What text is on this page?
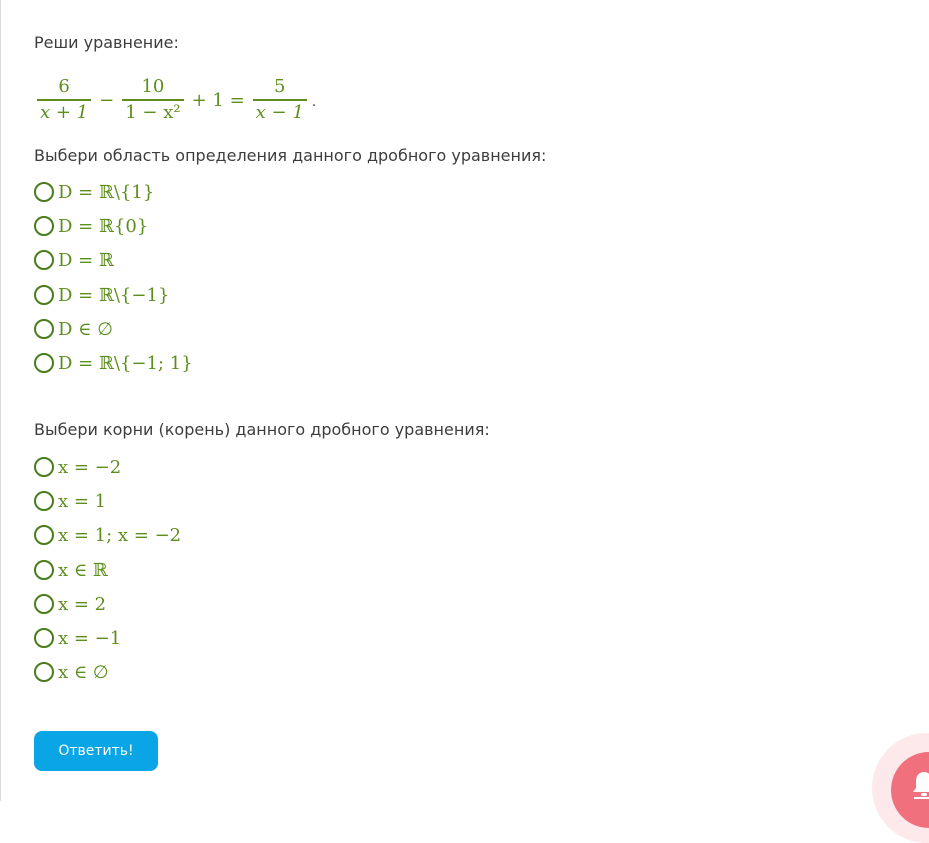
Реши уравнение:
$\frac{6}{x + 1} - \frac{10}{\text{1 − x²}} + 1 = \frac{5}{x - 1}$ .
Выбери область определения данного дробного уравнения:
D = ℝ\{1}
D = ℝ{0}
D = ℝ
D = ℝ\{−1}
D ∈ ∅
D = ℝ\{−1; 1}
Выбери корни (корень) данного дробного уравнения:
x = −2
x = 1
x = 1; x = −2
x ∈ ℝ
x = 2
x = −1
x ∈ ∅
Ответить!
